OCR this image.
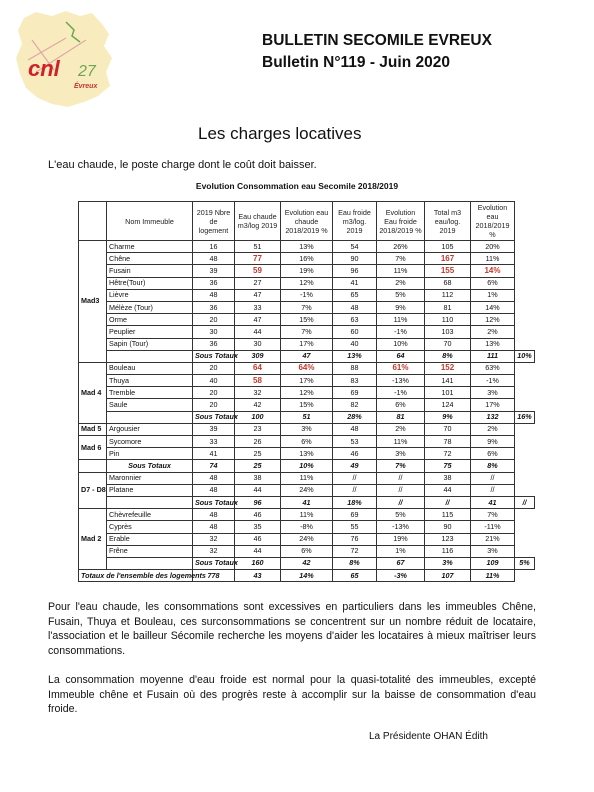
cnl 27
Évreux
BULLETIN SECOMILE EVREUX
Bulletin N°119 - Juin 2020
Les charges locatives
L'eau chaude, le poste charge dont le coût doit baisser.
Evolution Consommation eau Secomile 2018/2019
	Nom Immeuble	2019 Nbre de logement	Eau chaude m3/log 2019	Evolution eau chaude 2018/2019 %	Eau froide m3/log. 2019	Evolution Eau froide 2018/2019 %	Total m3 eau/log. 2019	Evolution eau 2018/2019 %	
Mad3	Charme	16	51	13%	54	26%	105	20%	
	Chêne	48	77	16%	90	7%	167	11%	
	Fusain	39	59	19%	96	11%	155	14%	
	Hêtre(Tour)	36	27	12%	41	2%	68	6%	
	Lièvre	48	47	-1%	65	5%	112	1%	
	Mélèze (Tour)	36	33	7%	48	9%	81	14%	
	Orme	20	47	15%	63	11%	110	12%	
	Peuplier	30	44	7%	60	-1%	103	2%	
	Sapin (Tour)	36	30	17%	40	10%	70	13%	
		Sous Totaux	309	47	13%	64	8%	111	10%
Mad 4	Bouleau	20	64	64%	88	61%	152	63%	
	Thuya	40	58	17%	83	-13%	141	-1%	
	Tremble	20	32	12%	69	-1%	101	3%	
	Saule	20	42	15%	82	6%	124	17%	
		Sous Totaux	100	51	28%	81	9%	132	16%
Mad 5	Argousier	39	23	3%	48	2%	70	2%	
Mad 6	Sycomore	33	26	6%	53	11%	78	9%	
	Pin	41	25	13%	46	3%	72	6%	
	Sous Totaux	74	25	10%	49	7%	75	8%	
D7 - D8	Maronnier	48	38	11%	//	//	38	//	
	Platane	48	44	24%	//	//	44	//	
		Sous Totaux	96	41	18%	//	//	41	//
Mad 2	Chèvrefeuille	48	46	11%	69	5%	115	7%	
	Cyprès	48	35	-8%	55	-13%	90	-11%	
	Erable	32	46	24%	76	19%	123	21%	
	Frêne	32	44	6%	72	1%	116	3%	
		Sous Totaux	160	42	8%	67	3%	109	5%
Totaux de l'ensemble des logements		778	43	14%	65	-3%	107	11%	
Pour l'eau chaude, les consommations sont excessives en particuliers dans les immeubles Chêne, Fusain, Thuya et Bouleau, ces surconsommations se concentrent sur un nombre réduit de locataire, l'association et le bailleur Sécomile recherche les moyens d'aider les locataires à mieux maîtriser leurs consommations.
La consommation moyenne d'eau froide est normal pour la quasi-totalité des immeubles, excepté Immeuble chêne et Fusain où des progrès reste à accomplir sur la baisse de consommation d'eau froide.
La Présidente OHAN Édith
